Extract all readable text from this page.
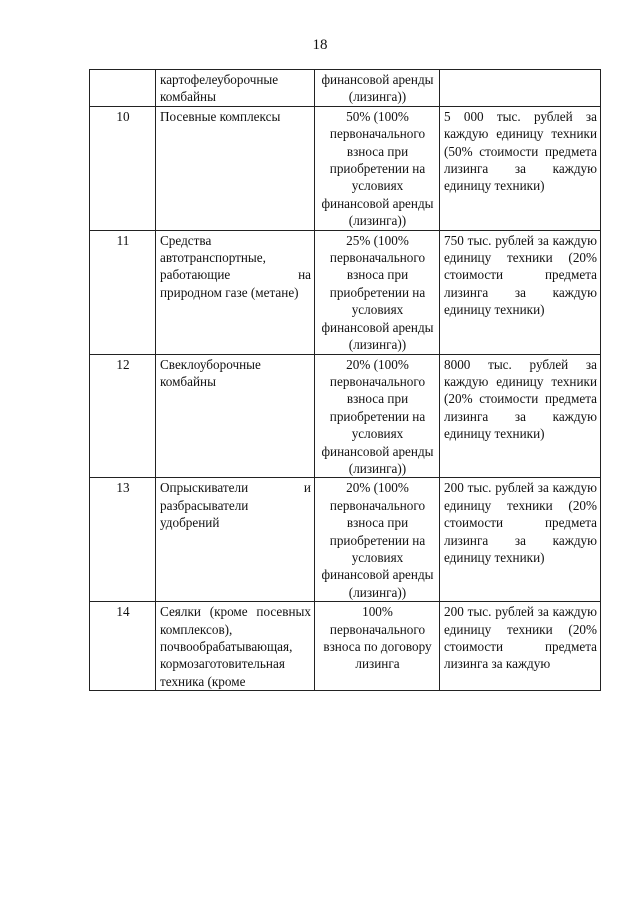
18
	картофелеуборочные комбайны	финансовой аренды (лизинга))	
10	Посевные комплексы	50% (100% первоначального взноса при приобретении на условиях финансовой аренды (лизинга))	5 000 тыс. рублей за каждую единицу техники (50% стоимости предмета лизинга за каждую единицу техники)
11	Средства автотранспортные, работающие на природном газе (метане)	25% (100% первоначального взноса при приобретении на условиях финансовой аренды (лизинга))	750 тыс. рублей за каждую единицу техники (20% стоимости предмета лизинга за каждую единицу техники)
12	Свеклоуборочные комбайны	20% (100% первоначального взноса при приобретении на условиях финансовой аренды (лизинга))	8000 тыс. рублей за каждую единицу техники (20% стоимости предмета лизинга за каждую единицу техники)
13	Опрыскиватели и разбрасыватели удобрений	20% (100% первоначального взноса при приобретении на условиях финансовой аренды (лизинга))	200 тыс. рублей за каждую единицу техники (20% стоимости предмета лизинга за каждую единицу техники)
14	Сеялки (кроме посевных комплексов), почвообрабатывающая, кормозаготовительная техника (кроме	100% первоначального взноса по договору лизинга	200 тыс. рублей за каждую единицу техники (20% стоимости предмета лизинга за каждую
